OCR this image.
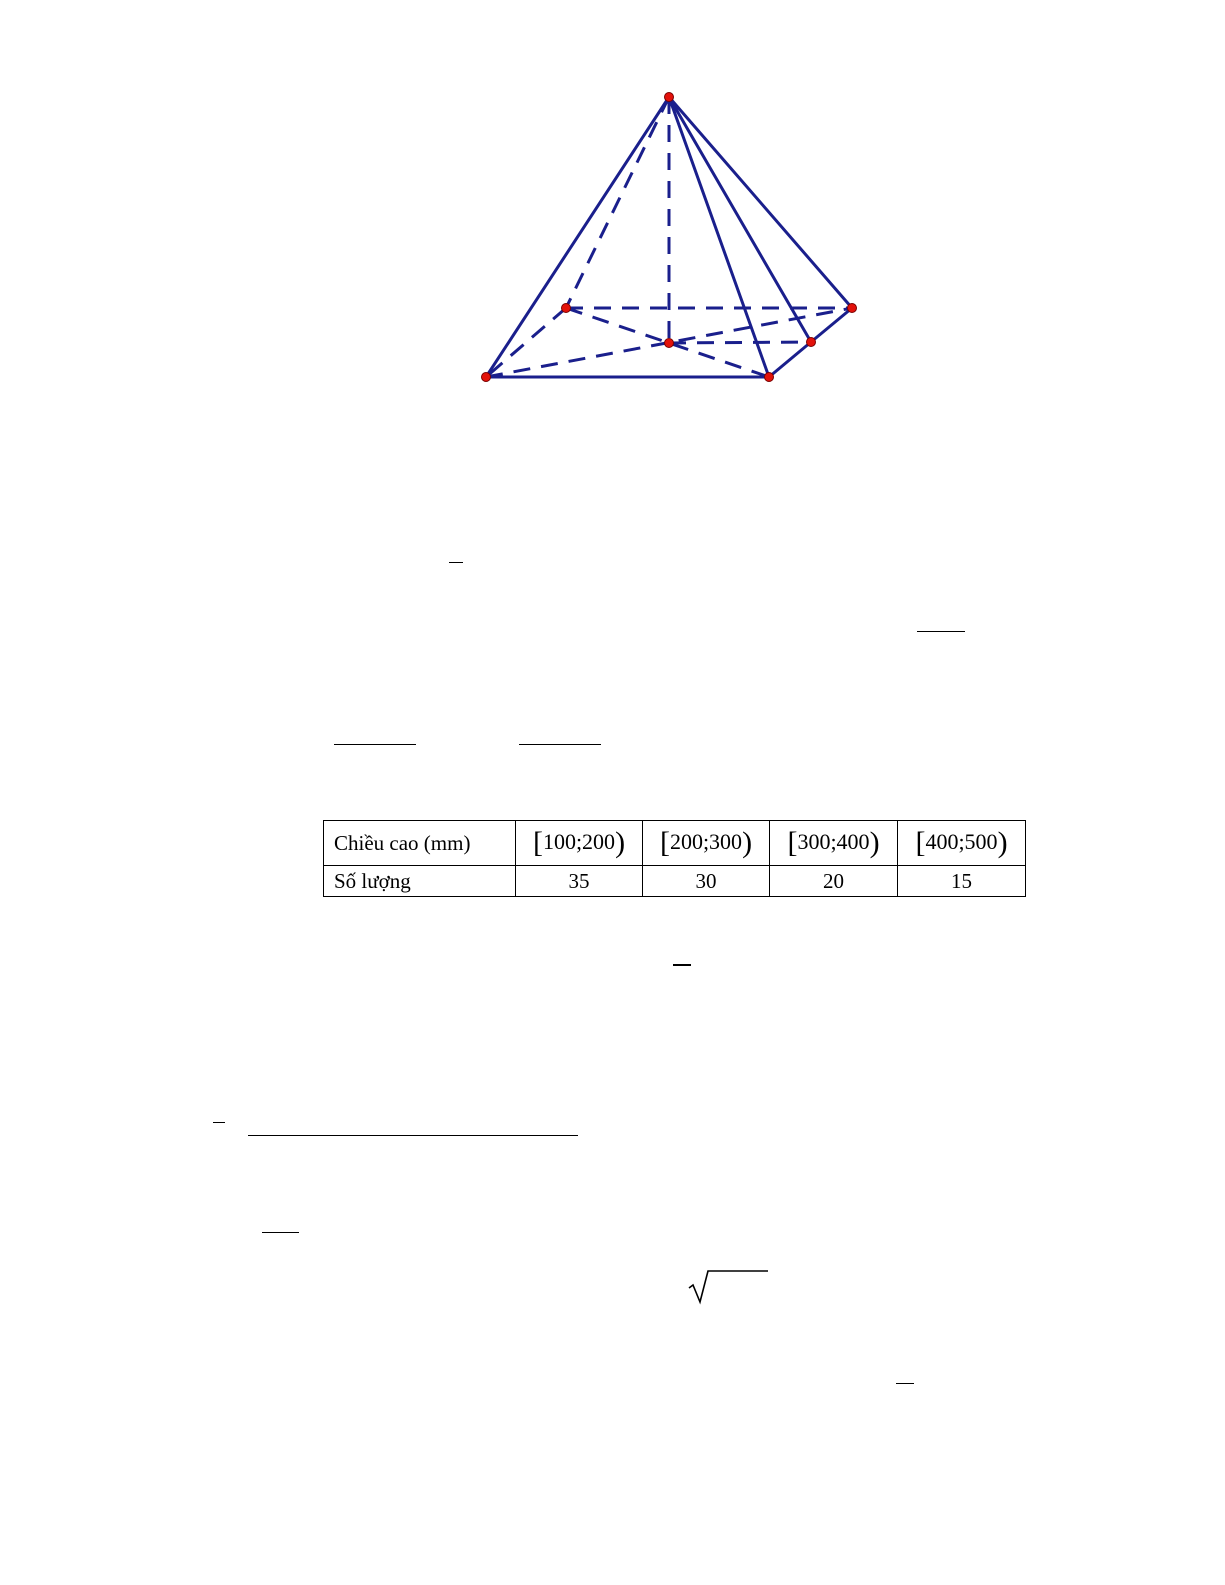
Chiều cao (mm)	[100;200)	[200;300)	[300;400)	[400;500)
Số lượng	35	30	20	15
